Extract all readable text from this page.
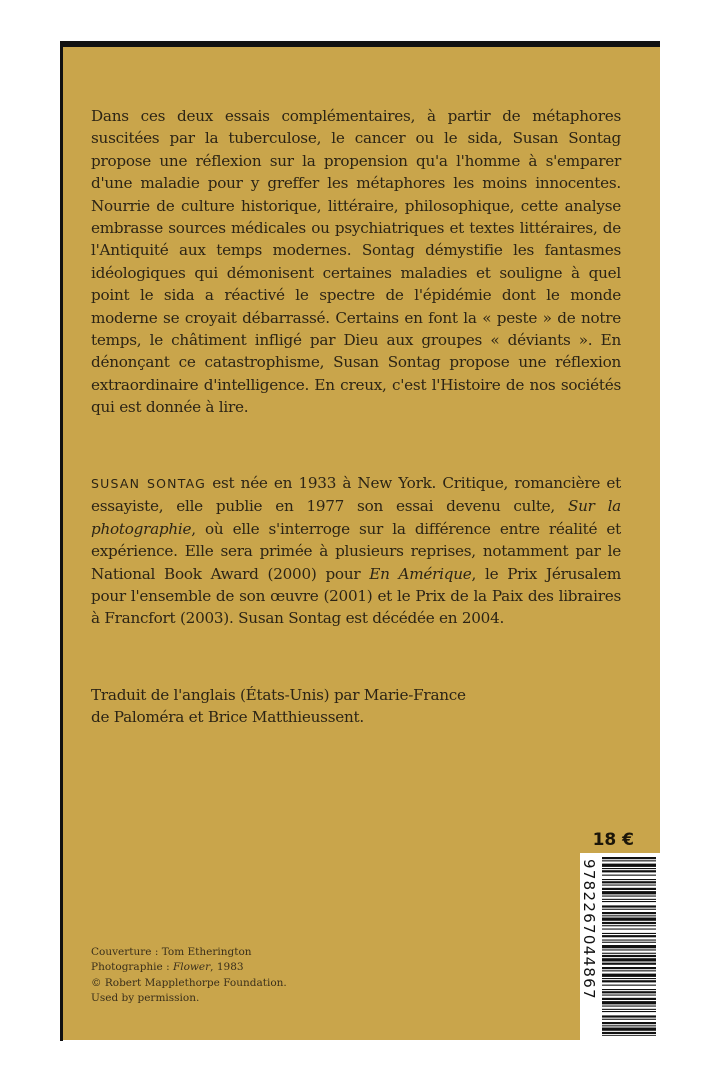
Dans ces deux essais complémentaires, à partir de métaphores suscitées par la tuberculose, le cancer ou le sida, Susan Sontag propose une réflexion sur la propension qu'a l'homme à s'emparer d'une maladie pour y greffer les métaphores les moins innocentes. Nourrie de culture historique, littéraire, philosophique, cette analyse embrasse sources médicales ou psychiatriques et textes littéraires, de l'Antiquité aux temps modernes. Sontag démystifie les fantasmes idéologiques qui démonisent certaines maladies et souligne à quel point le sida a réactivé le spectre de l'épidémie dont le monde moderne se croyait débarrassé. Certains en font la « peste » de notre temps, le châtiment infligé par Dieu aux groupes « déviants ». En dénonçant ce catastrophisme, Susan Sontag propose une réflexion extraordinaire d'intelligence. En creux, c'est l'Histoire de nos sociétés qui est donnée à lire.

SUSAN SONTAG est née en 1933 à New York. Critique, romancière et essayiste, elle publie en 1977 son essai devenu culte, Sur la photographie, où elle s'interroge sur la différence entre réalité et expérience. Elle sera primée à plusieurs reprises, notamment par le National Book Award (2000) pour En Amérique, le Prix Jérusalem pour l'ensemble de son œuvre (2001) et le Prix de la Paix des libraires à Francfort (2003). Susan Sontag est décédée en 2004.

Traduit de l'anglais (États-Unis) par Marie-France
de Paloméra et Brice Matthieussent.

Couverture : Tom Etherington
Photographie : Flower, 1983
© Robert Mapplethorpe Foundation.
Used by permission.
18 €
9782267044867
